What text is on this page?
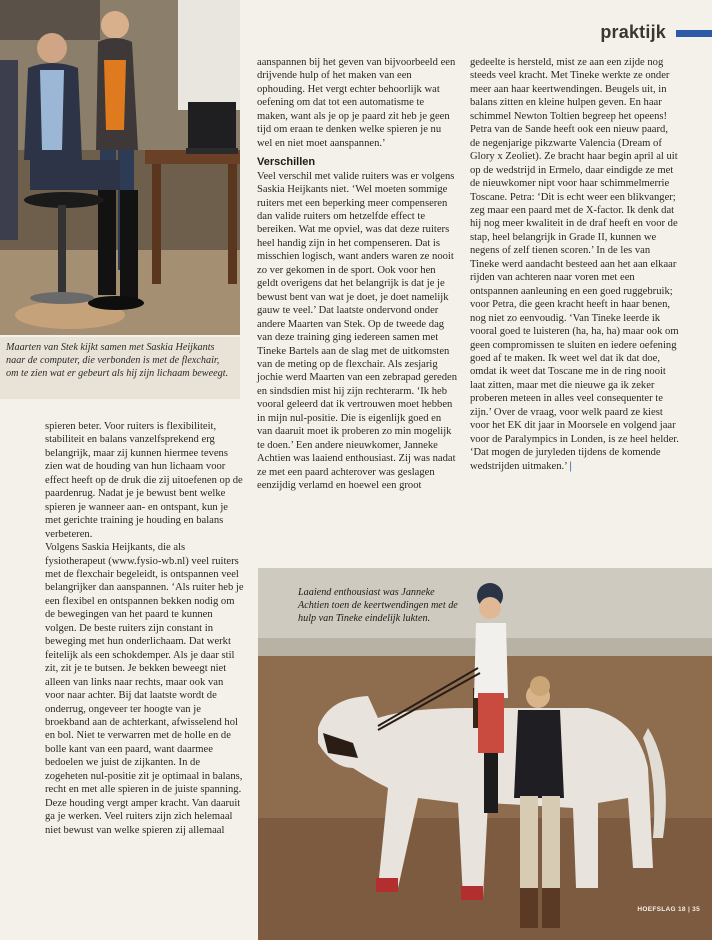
Maarten van Stek kijkt samen met Saskia Heijkants naar de computer, die verbonden is met de flexchair, om te zien wat er gebeurt als hij zijn lichaam beweegt.
praktijk

spieren beter. Voor ruiters is flexibiliteit, stabiliteit en balans vanzelfsprekend erg belangrijk, maar zij kunnen hiermee tevens zien wat de houding van hun lichaam voor effect heeft op de druk die zij uitoefenen op de paardenrug. Nadat je je bewust bent welke spieren je wanneer aan- en ontspant, kun je met gerichte training je houding en balans verbeteren.

Volgens Saskia Heijkants, die als fysiotherapeut (www.fysio-wb.nl) veel ruiters met de flexchair begeleidt, is ontspannen veel belangrijker dan aanspannen. ‘Als ruiter heb je een flexibel en ontspannen bekken nodig om de bewegingen van het paard te kunnen volgen. De beste ruiters zijn constant in beweging met hun onderlichaam. Dat werkt feitelijk als een schokdemper. Als je daar stil zit, zit je te butsen. Je bekken beweegt niet alleen van links naar rechts, maar ook van voor naar achter. Bij dat laatste wordt de onderrug, ongeveer ter hoogte van je broekband aan de achterkant, afwisselend hol en bol. Niet te verwarren met de holle en de bolle kant van een paard, want daarmee bedoelen we juist de zijkanten. In de zogeheten nul-positie zit je optimaal in balans, recht en met alle spieren in de juiste spanning. Deze houding vergt amper kracht. Van daaruit ga je werken. Veel ruiters zijn zich helemaal niet bewust van welke spieren zij allemaal

aanspannen bij het geven van bijvoorbeeld een drijvende hulp of het maken van een ophouding. Het vergt echter behoorlijk wat oefening om dat tot een automatisme te maken, want als je op je paard zit heb je geen tijd om eraan te denken welke spieren je nu wel en niet moet aanspannen.’

Verschillen

Veel verschil met valide ruiters was er volgens Saskia Heijkants niet. ‘Wel moeten sommige ruiters met een beperking meer compenseren dan valide ruiters om hetzelfde effect te bereiken. Wat me opviel, was dat deze ruiters heel handig zijn in het compenseren. Dat is misschien logisch, want anders waren ze nooit zo ver gekomen in de sport. Ook voor hen geldt overigens dat het belangrijk is dat je je bewust bent van wat je doet, je doet namelijk gauw te veel.’ Dat laatste ondervond onder andere Maarten van Stek. Op de tweede dag van deze training ging iedereen samen met Tineke Bartels aan de slag met de uitkomsten van de meting op de flexchair. Als zesjarig jochie werd Maarten van een zebrapad gereden en sindsdien mist hij zijn rechterarm. ‘Ik heb vooral geleerd dat ik vertrouwen moet hebben in mijn nul-positie. Die is eigenlijk goed en van daaruit moet ik proberen zo min mogelijk te doen.’ Een andere nieuwkomer, Janneke Achtien was laaiend enthousiast. Zij was nadat ze met een paard achterover was geslagen eenzijdig verlamd en hoewel een groot

gedeelte is hersteld, mist ze aan een zijde nog steeds veel kracht. Met Tineke werkte ze onder meer aan haar keertwendingen. Beugels uit, in balans zitten en kleine hulpen geven. En haar schimmel Newton Toltien begreep het opeens!

Petra van de Sande heeft ook een nieuw paard, de negenjarige pikzwarte Valencia (Dream of Glory x Zeoliet). Ze bracht haar begin april al uit op de wedstrijd in Ermelo, daar eindigde ze met de nieuwkomer nipt voor haar schimmelmerrie Toscane. Petra: ‘Dit is echt weer een blikvanger; zeg maar een paard met de X-factor. Ik denk dat hij nog meer kwaliteit in de draf heeft en voor de stap, heel belangrijk in Grade II, kunnen we negens of zelf tienen scoren.’ In de les van Tineke werd aandacht besteed aan het aan elkaar rijden van achteren naar voren met een ontspannen aanleuning en een goed ruggebruik; voor Petra, die geen kracht heeft in haar benen, nog niet zo eenvoudig. ‘Van Tineke leerde ik vooral goed te luisteren (ha, ha, ha) maar ook om geen compromissen te sluiten en iedere oefening goed af te maken. Ik weet wel dat ik dat doe, omdat ik weet dat Toscane me in de ring nooit laat zitten, maar met die nieuwe ga ik zeker proberen meteen in alles veel consequenter te zijn.’ Over de vraag, voor welk paard ze kiest voor het EK dit jaar in Moorsele en volgend jaar voor de Paralympics in Londen, is ze heel helder. ‘Dat mogen de juryleden tijdens de komende wedstrijden uitmaken.’ |

Laaiend enthousiast was Janneke Achtien toen de keertwendingen met de hulp van Tineke eindelijk lukten.
HOEFSLAG 18 | 35
